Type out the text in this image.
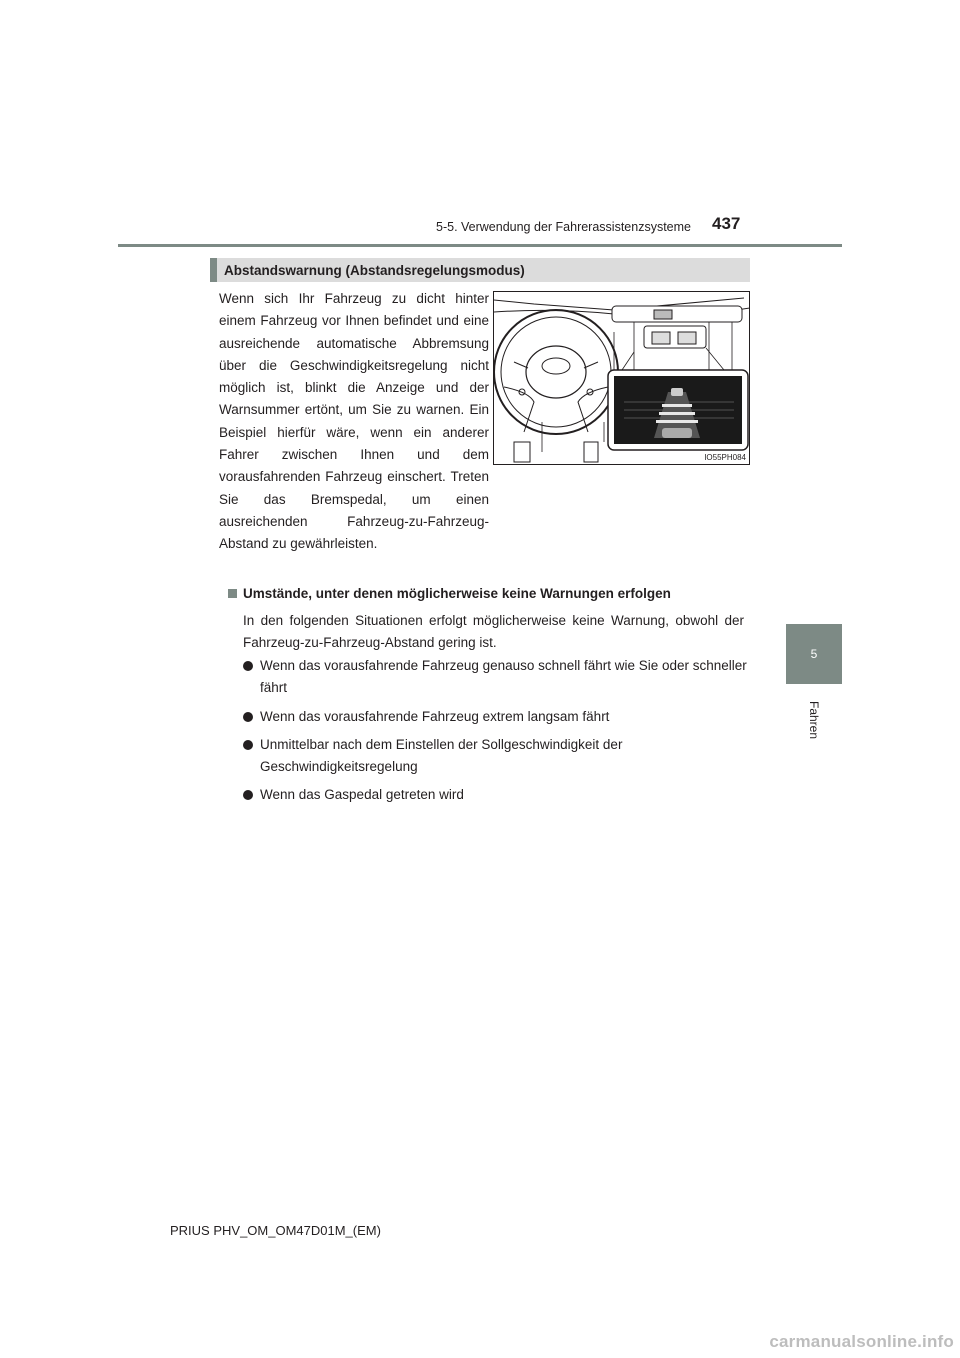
5-5. Verwendung der Fahrerassistenzsysteme 437
5
Fahren
Abstandswarnung (Abstandsregelungsmodus)
Wenn sich Ihr Fahrzeug zu dicht hinter einem Fahrzeug vor Ihnen befindet und eine ausreichende automatische Abbremsung über die Geschwindigkeitsregelung nicht möglich ist, blinkt die Anzeige und der Warnsummer ertönt, um Sie zu warnen. Ein Beispiel hierfür wäre, wenn ein anderer Fahrer zwischen Ihnen und dem vorausfahrenden Fahrzeug einschert. Treten Sie das Bremspedal, um einen ausreichenden Fahrzeug-zu-Fahrzeug-Abstand zu gewährleisten.
IO55PH084
Umstände, unter denen möglicherweise keine Warnungen erfolgen
In den folgenden Situationen erfolgt möglicherweise keine Warnung, obwohl der Fahrzeug-zu-Fahrzeug-Abstand gering ist.
Wenn das vorausfahrende Fahrzeug genauso schnell fährt wie Sie oder schneller fährt
Wenn das vorausfahrende Fahrzeug extrem langsam fährt
Unmittelbar nach dem Einstellen der Sollgeschwindigkeit der Geschwindigkeitsregelung
Wenn das Gaspedal getreten wird
PRIUS PHV_OM_OM47D01M_(EM)
carmanualsonline.info
